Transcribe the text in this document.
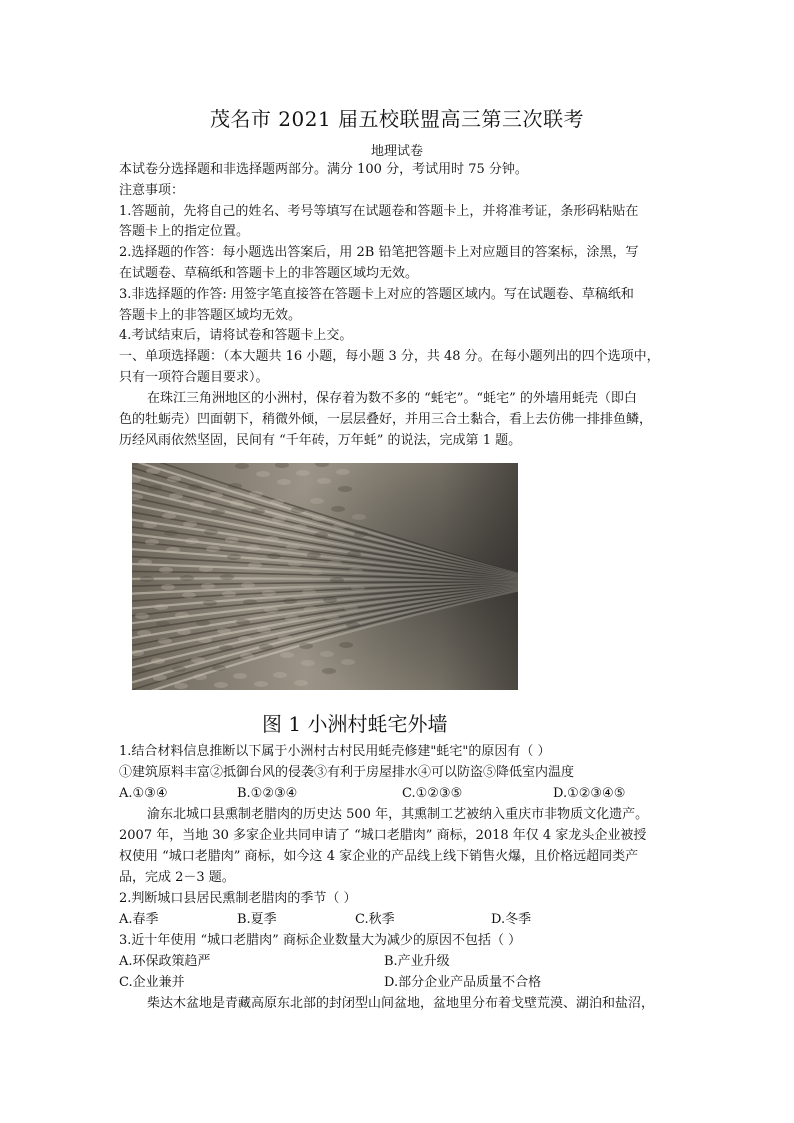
茂名市 2021 届五校联盟高三第三次联考
地理试卷
本试卷分选择题和非选择题两部分。满分 100 分，考试用时 75 分钟。
注意事项：
1.答题前，先将自己的姓名、考号等填写在试题卷和答题卡上，并将准考证，条形码粘贴在
答题卡上的指定位置。
2.选择题的作答：每小题选出答案后，用 2B 铅笔把答题卡上对应题目的答案标，涂黑，写
在试题卷、草稿纸和答题卡上的非答题区域均无效。
3.非选择题的作答: 用签字笔直接答在答题卡上对应的答题区域内。写在试题卷、草稿纸和
答题卡上的非答题区域均无效。
4.考试结束后，请将试卷和答题卡上交。
一、单项选择题：（本大题共 16 小题，每小题 3 分，共 48 分。在每小题列出的四个选项中，
只有一项符合题目要求）。
在珠江三角洲地区的小洲村，保存着为数不多的 “蚝宅”。“蚝宅” 的外墙用蚝壳（即白
色的牡蛎壳）凹面朝下，稍微外倾，一层层叠好，并用三合土黏合，看上去仿佛一排排鱼鳞，
历经风雨依然坚固，民间有 “千年砖，万年蚝” 的说法，完成第 1 题。
图 1 小洲村蚝宅外墙
1.结合材料信息推断以下属于小洲村古村民用蚝壳修建"蚝宅"的原因有（ ）
①建筑原料丰富②抵御台风的侵袭③有利于房屋排水④可以防盗⑤降低室内温度
A.①③④	B.①②③④	C.①②③⑤	D.①②③④⑤
渝东北城口县熏制老腊肉的历史达 500 年，其熏制工艺被纳入重庆市非物质文化遗产。
2007 年，当地 30 多家企业共同申请了 “城口老腊肉” 商标，2018 年仅 4 家龙头企业被授
权使用 “城口老腊肉” 商标，如今这 4 家企业的产品线上线下销售火爆，且价格远超同类产
品，完成 2－3 题。
2.判断城口县居民熏制老腊肉的季节（ ）
A.春季	B.夏季	C.秋季	D.冬季
3.近十年使用 “城口老腊肉” 商标企业数量大为减少的原因不包括（ ）
A.环保政策趋严	B.产业升级
C.企业兼并	D.部分企业产品质量不合格
柴达木盆地是青藏高原东北部的封闭型山间盆地，盆地里分布着戈壁荒漠、湖泊和盐沼，
